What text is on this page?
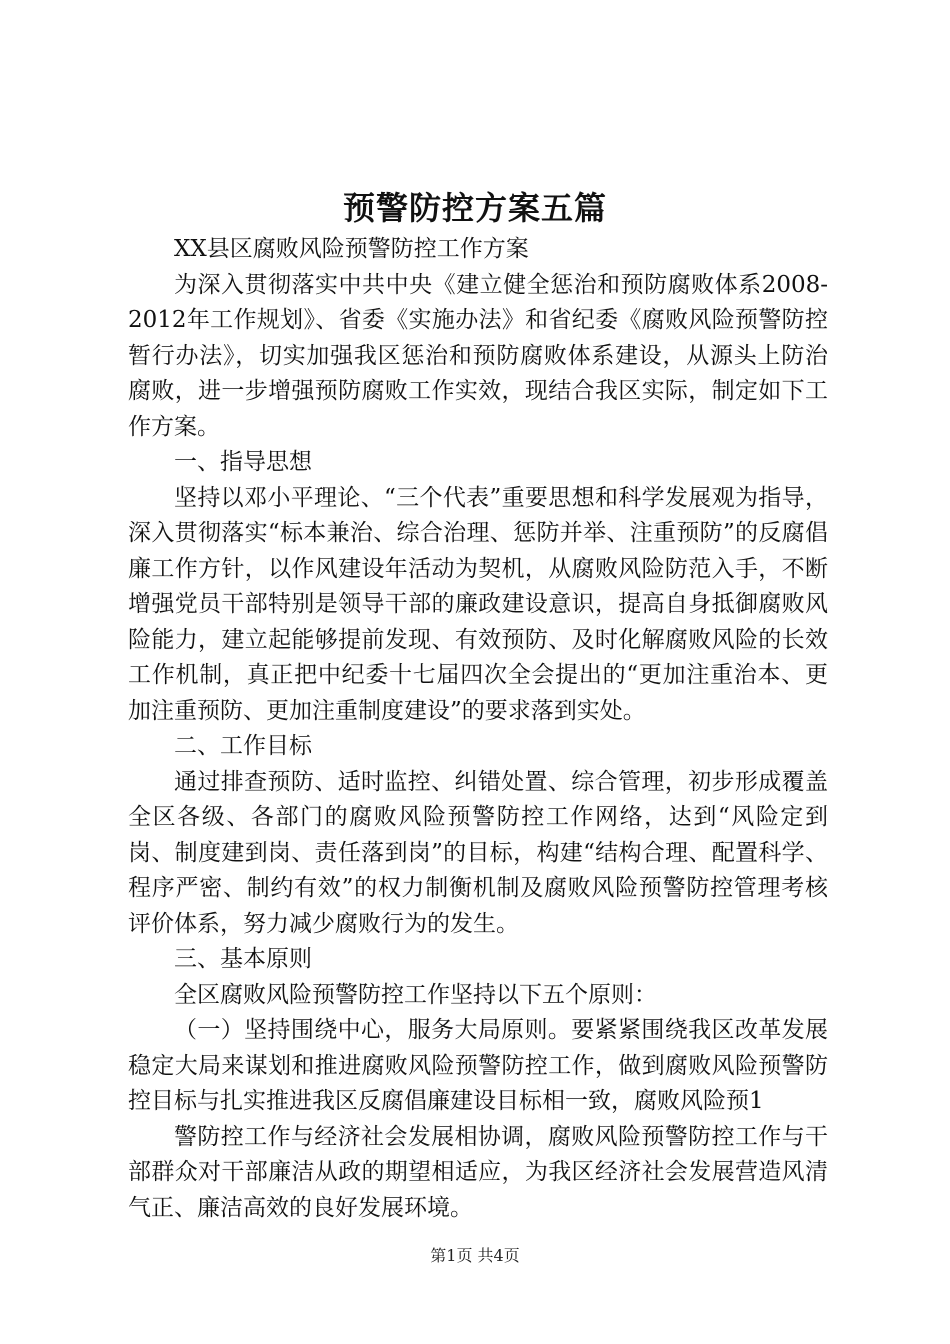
预警防控方案五篇

XX县区腐败风险预警防控工作方案

为深入贯彻落实中共中央《建立健全惩治和预防腐败体系2008-2012年工作规划》、省委《实施办法》和省纪委《腐败风险预警防控暂行办法》，切实加强我区惩治和预防腐败体系建设，从源头上防治腐败，进一步增强预防腐败工作实效，现结合我区实际，制定如下工作方案。

一、指导思想

坚持以邓小平理论、“三个代表”重要思想和科学发展观为指导，深入贯彻落实“标本兼治、综合治理、惩防并举、注重预防”的反腐倡廉工作方针，以作风建设年活动为契机，从腐败风险防范入手，不断增强党员干部特别是领导干部的廉政建设意识，提高自身抵御腐败风险能力，建立起能够提前发现、有效预防、及时化解腐败风险的长效工作机制，真正把中纪委十七届四次全会提出的“更加注重治本、更加注重预防、更加注重制度建设”的要求落到实处。

二、工作目标

通过排查预防、适时监控、纠错处置、综合管理，初步形成覆盖全区各级、各部门的腐败风险预警防控工作网络，达到“风险定到岗、制度建到岗、责任落到岗”的目标，构建“结构合理、配置科学、程序严密、制约有效”的权力制衡机制及腐败风险预警防控管理考核评价体系，努力减少腐败行为的发生。

三、基本原则

全区腐败风险预警防控工作坚持以下五个原则：

（一）坚持围绕中心，服务大局原则。要紧紧围绕我区改革发展稳定大局来谋划和推进腐败风险预警防控工作，做到腐败风险预警防控目标与扎实推进我区反腐倡廉建设目标相一致，腐败风险预1

警防控工作与经济社会发展相协调，腐败风险预警防控工作与干部群众对干部廉洁从政的期望相适应，为我区经济社会发展营造风清气正、廉洁高效的良好发展环境。

第1页 共4页
